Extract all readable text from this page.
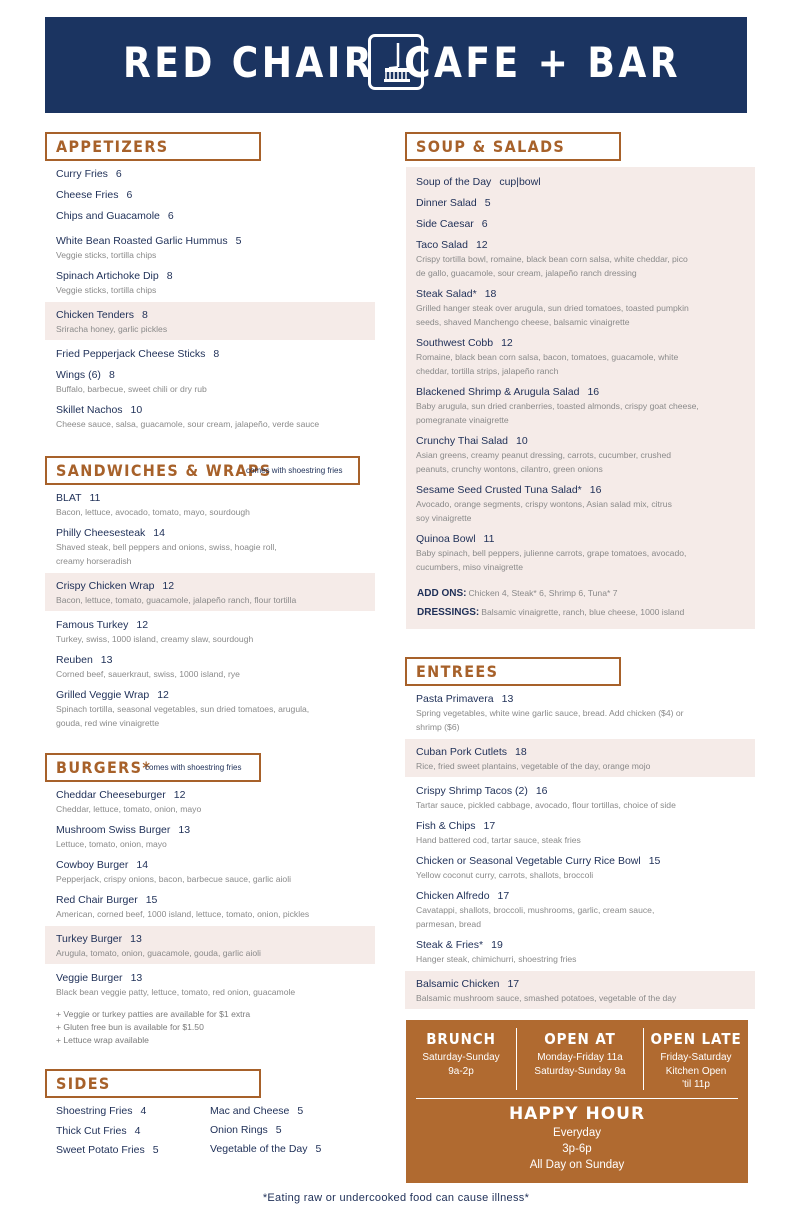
RED CHAIR CAFE + BAR
APPETIZERS
SANDWICHES & WRAPS
comes with shoestring fries
BURGERS*
comes with shoestring fries
SIDES
SOUP & SALADS
ENTREES
Curry Fries 6
Cheese Fries 6
Chips and Guacamole 6
White Bean Roasted Garlic Hummus 5
Veggie sticks, tortilla chips
Spinach Artichoke Dip 8
Veggie sticks, tortilla chips
Chicken Tenders 8
Sriracha honey, garlic pickles
Fried Pepperjack Cheese Sticks 8
Wings (6) 8
Buffalo, barbecue, sweet chili or dry rub
Skillet Nachos 10
Cheese sauce, salsa, guacamole, sour cream, jalapeño, verde sauce
BLAT 11
Bacon, lettuce, avocado, tomato, mayo, sourdough
Philly Cheesesteak 14
Shaved steak, bell peppers and onions, swiss, hoagie roll,
creamy horseradish
Crispy Chicken Wrap 12
Bacon, lettuce, tomato, guacamole, jalapeño ranch, flour tortilla
Famous Turkey 12
Turkey, swiss, 1000 island, creamy slaw, sourdough
Reuben 13
Corned beef, sauerkraut, swiss, 1000 island, rye
Grilled Veggie Wrap 12
Spinach tortilla, seasonal vegetables, sun dried tomatoes, arugula,
gouda, red wine vinaigrette
Cheddar Cheeseburger 12
Cheddar, lettuce, tomato, onion, mayo
Mushroom Swiss Burger 13
Lettuce, tomato, onion, mayo
Cowboy Burger 14
Pepperjack, crispy onions, bacon, barbecue sauce, garlic aioli
Red Chair Burger 15
American, corned beef, 1000 island, lettuce, tomato, onion, pickles
Turkey Burger 13
Arugula, tomato, onion, guacamole, gouda, garlic aioli
Veggie Burger 13
Black bean veggie patty, lettuce, tomato, red onion, guacamole
+ Veggie or turkey patties are available for $1 extra
+ Gluten free bun is available for $1.50
+ Lettuce wrap available
Shoestring Fries 4
Thick Cut Fries 4
Sweet Potato Fries 5
Mac and Cheese 5
Onion Rings 5
Vegetable of the Day 5
Soup of the Day cup|bowl
Dinner Salad 5
Side Caesar 6
Taco Salad 12
Crispy tortilla bowl, romaine, black bean corn salsa, white cheddar, pico
de gallo, guacamole, sour cream, jalapeño ranch dressing
Steak Salad* 18
Grilled hanger steak over arugula, sun dried tomatoes, toasted pumpkin
seeds, shaved Manchengo cheese, balsamic vinaigrette
Southwest Cobb 12
Romaine, black bean corn salsa, bacon, tomatoes, guacamole, white
cheddar, tortilla strips, jalapeño ranch
Blackened Shrimp & Arugula Salad 16
Baby arugula, sun dried cranberries, toasted almonds, crispy goat cheese,
pomegranate vinaigrette
Crunchy Thai Salad 10
Asian greens, creamy peanut dressing, carrots, cucumber, crushed
peanuts, crunchy wontons, cilantro, green onions
Sesame Seed Crusted Tuna Salad* 16
Avocado, orange segments, crispy wontons, Asian salad mix, citrus
soy vinaigrette
Quinoa Bowl 11
Baby spinach, bell peppers, julienne carrots, grape tomatoes, avocado,
cucumbers, miso vinaigrette
ADD ONS: Chicken 4, Steak* 6, Shrimp 6, Tuna* 7
DRESSINGS: Balsamic vinaigrette, ranch, blue cheese, 1000 island
Pasta Primavera 13
Spring vegetables, white wine garlic sauce, bread. Add chicken ($4) or
shrimp ($6)
Cuban Pork Cutlets 18
Rice, fried sweet plantains, vegetable of the day, orange mojo
Crispy Shrimp Tacos (2) 16
Tartar sauce, pickled cabbage, avocado, flour tortillas, choice of side
Fish & Chips 17
Hand battered cod, tartar sauce, steak fries
Chicken or Seasonal Vegetable Curry Rice Bowl 15
Yellow coconut curry, carrots, shallots, broccoli
Chicken Alfredo 17
Cavatappi, shallots, broccoli, mushrooms, garlic, cream sauce,
parmesan, bread
Steak & Fries* 19
Hanger steak, chimichurri, shoestring fries
Balsamic Chicken 17
Balsamic mushroom sauce, smashed potatoes, vegetable of the day
BRUNCH
Saturday-Sunday
9a-2p
OPEN AT
Monday-Friday 11a
Saturday-Sunday 9a
OPEN LATE
Friday-Saturday
Kitchen Open
'til 11p
HAPPY HOUR
Everyday
3p-6p
All Day on Sunday
*Eating raw or undercooked food can cause illness*
